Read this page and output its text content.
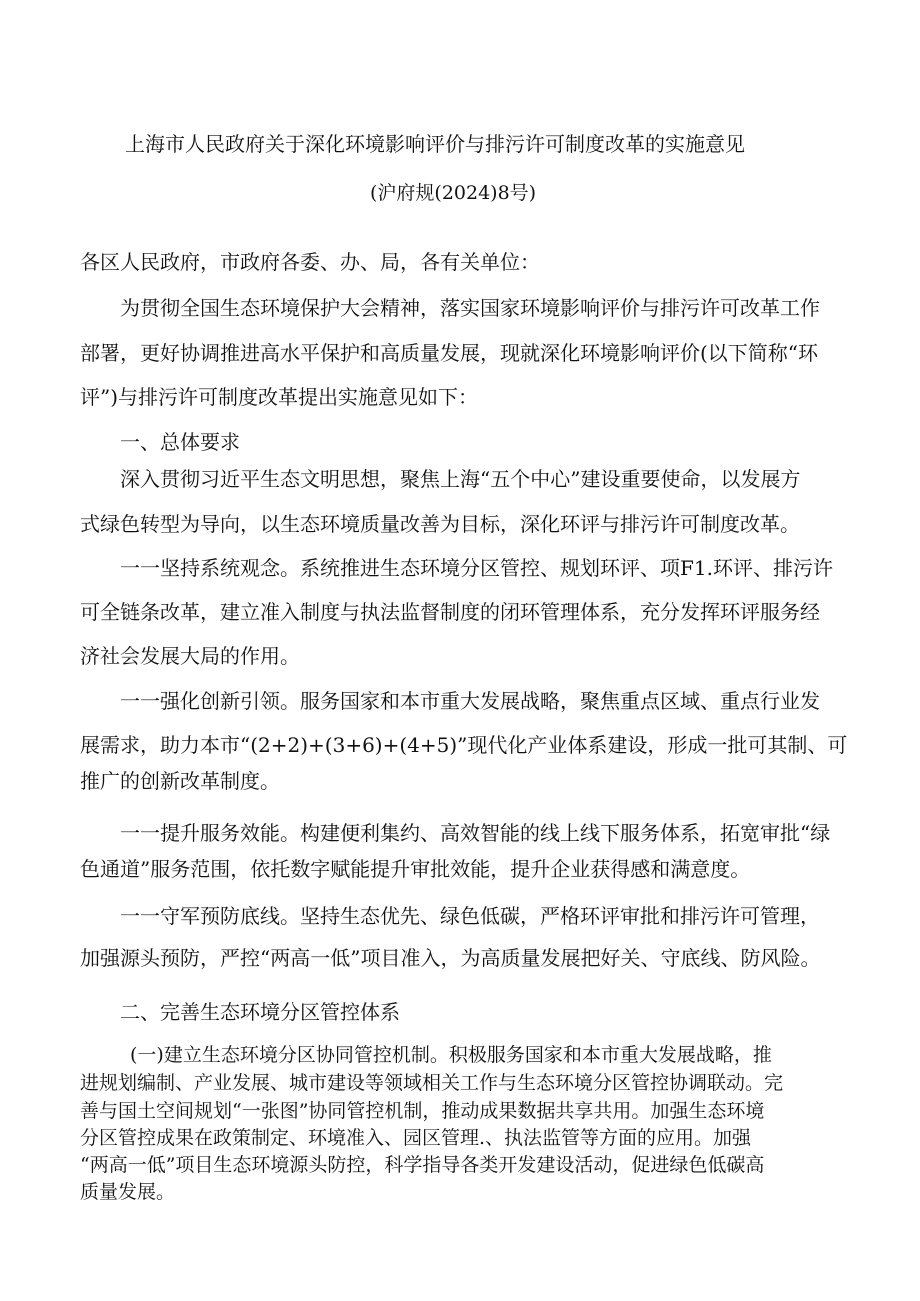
上海市人民政府关于深化环境影响评价与排污许可制度改革的实施意见
(沪府规(2024)8号)
各区人民政府，市政府各委、办、局，各有关单位：
为贯彻全国生态环境保护大会精神，落实国家环境影响评价与排污许可改革工作
部署，更好协调推进高水平保护和高质量发展，现就深化环境影响评价(以下简称“环
评”)与排污许可制度改革提出实施意见如下：
一、总体要求
深入贯彻习近平生态文明思想，聚焦上海“五个中心”建设重要使命，以发展方
式绿色转型为导向，以生态环境质量改善为目标，深化环评与排污许可制度改革。
一一坚持系统观念。系统推进生态环境分区管控、规划环评、项F1.环评、排污许
可全链条改革，建立准入制度与执法监督制度的闭环管理体系，充分发挥环评服务经
济社会发展大局的作用。
一一强化创新引领。服务国家和本市重大发展战略，聚焦重点区域、重点行业发
展需求，助力本市“(2+2)+(3+6)+(4+5)”现代化产业体系建设，形成一批可其制、可
推广的创新改革制度。
一一提升服务效能。构建便利集约、高效智能的线上线下服务体系，拓宽审批“绿
色通道”服务范围，依托数字赋能提升审批效能，提升企业获得感和满意度。
一一守军预防底线。坚持生态优先、绿色低碳，严格环评审批和排污许可管理，
加强源头预防，严控“两高一低”项目准入，为高质量发展把好关、守底线、防风险。
二、完善生态环境分区管控体系
(一)建立生态环境分区协同管控机制。积极服务国家和本市重大发展战略，推
进规划编制、产业发展、城市建设等领域相关工作与生态环境分区管控协调联动。完
善与国土空间规划“一张图”协同管控机制，推动成果数据共享共用。加强生态环境
分区管控成果在政策制定、环境准入、园区管理.、执法监管等方面的应用。加强
“两高一低”项目生态环境源头防控，科学指导各类开发建设活动，促进绿色低碳高
质量发展。
